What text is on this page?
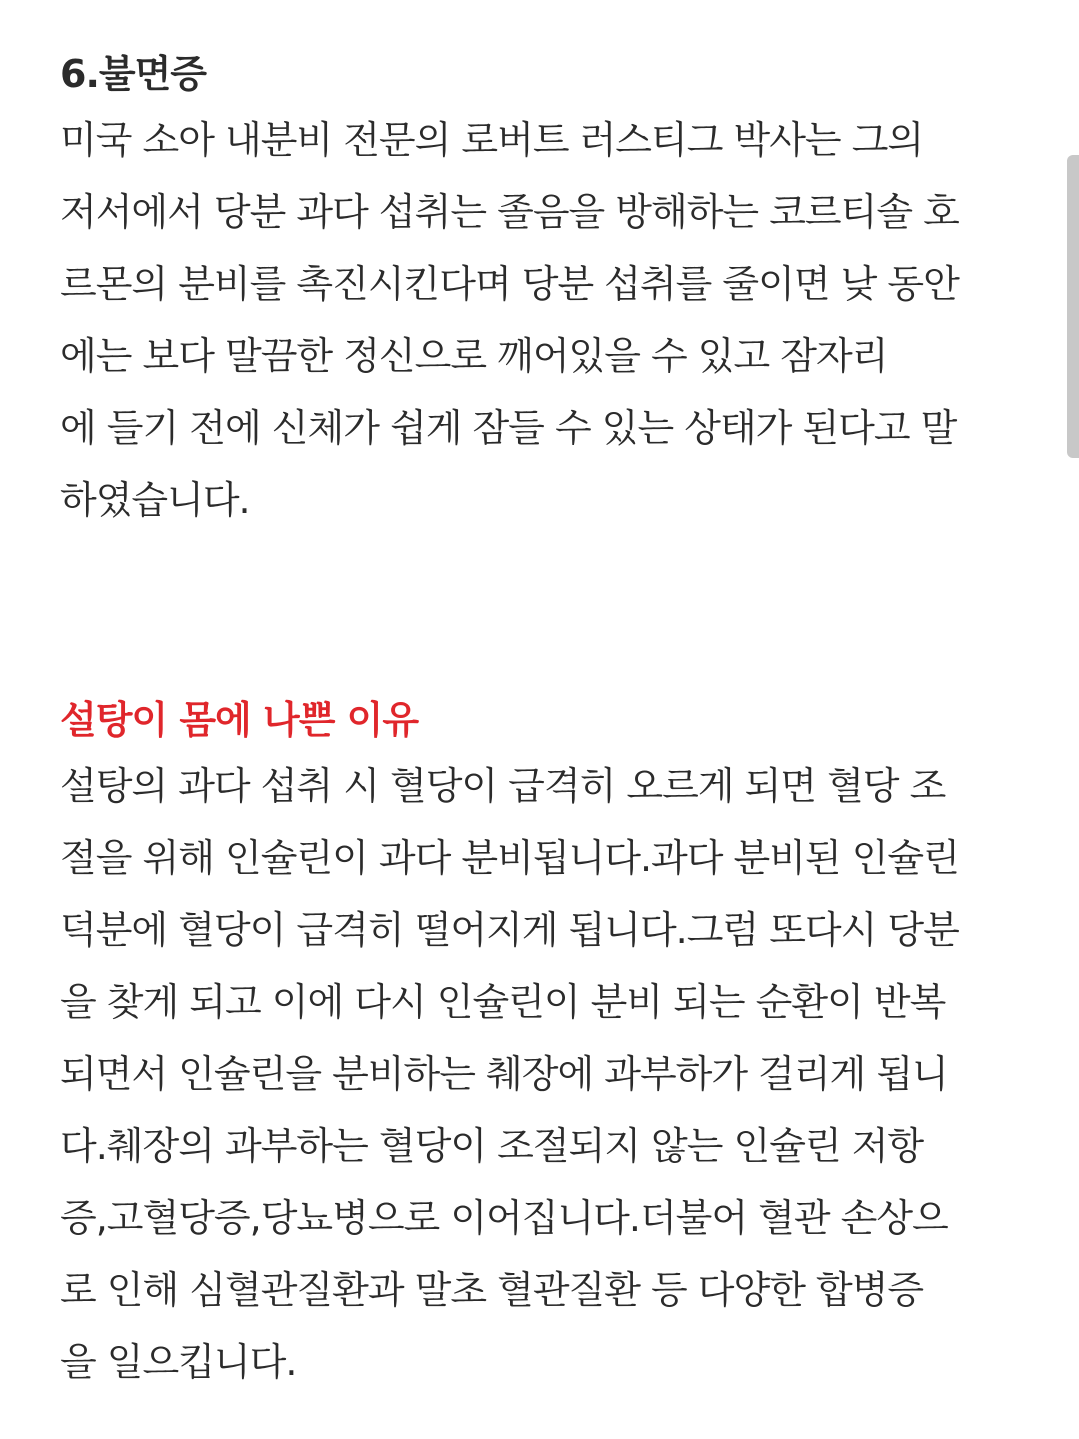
6.불면증
미국 소아 내분비 전문의 로버트 러스티그 박사는 그의
저서에서 당분 과다 섭취는 졸음을 방해하는 코르티솔 호
르몬의 분비를 촉진시킨다며 당분 섭취를 줄이면 낮 동안
에는 보다 말끔한 정신으로 깨어있을 수 있고 잠자리
에 들기 전에 신체가 쉽게 잠들 수 있는 상태가 된다고 말
하였습니다.
설탕이 몸에 나쁜 이유
설탕의 과다 섭취 시 혈당이 급격히 오르게 되면 혈당 조
절을 위해 인슐린이 과다 분비됩니다.과다 분비된 인슐린
덕분에 혈당이 급격히 떨어지게 됩니다.그럼 또다시 당분
을 찾게 되고 이에 다시 인슐린이 분비 되는 순환이 반복
되면서 인슐린을 분비하는 췌장에 과부하가 걸리게 됩니
다.췌장의 과부하는 혈당이 조절되지 않는 인슐린 저항
증,고혈당증,당뇨병으로 이어집니다.더불어 혈관 손상으
로 인해 심혈관질환과 말초 혈관질환 등 다양한 합병증
을 일으킵니다.
